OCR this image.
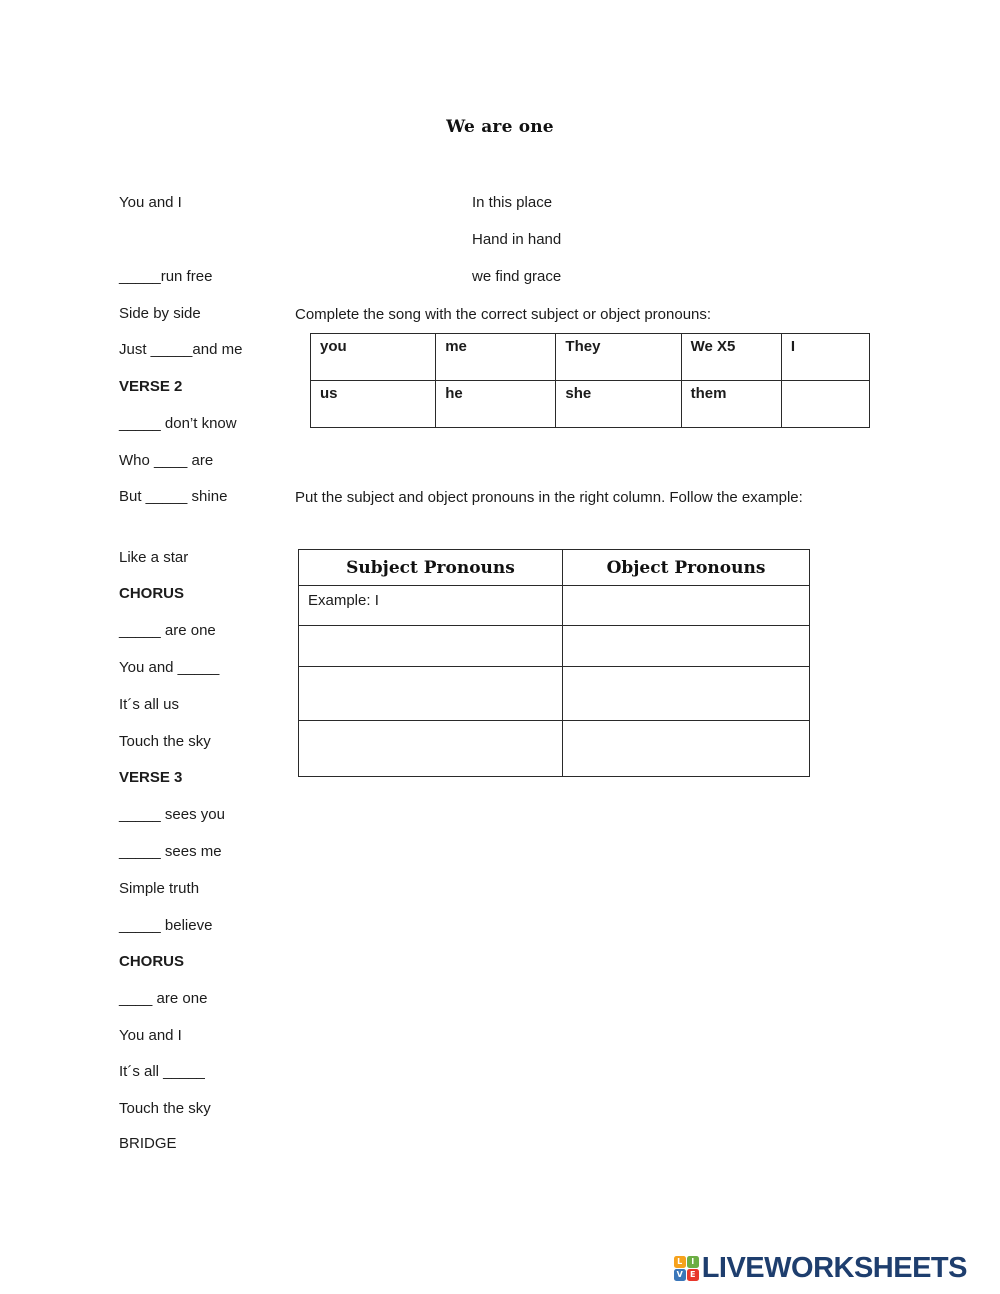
We are one
You and I
_____run free
Side by side
Just _____and me
VERSE 2
_____ don’t know
Who ____ are
But _____ shine
Like a star
CHORUS
_____ are one
You and _____
It´s all us
Touch the sky
VERSE 3
_____ sees you
_____ sees me
Simple truth
_____ believe
CHORUS
____ are one
You and I
It´s all _____
Touch the sky
BRIDGE
In this place
Hand in hand
we find grace
Complete the song with the correct subject or object pronouns:
you	me	They	We X5	I
us	he	she	them	
Put the subject and object pronouns in the right column. Follow the example:
Subject Pronouns	Object Pronouns
Example: I	

L	I
V E LIVEWORKSHEETS
